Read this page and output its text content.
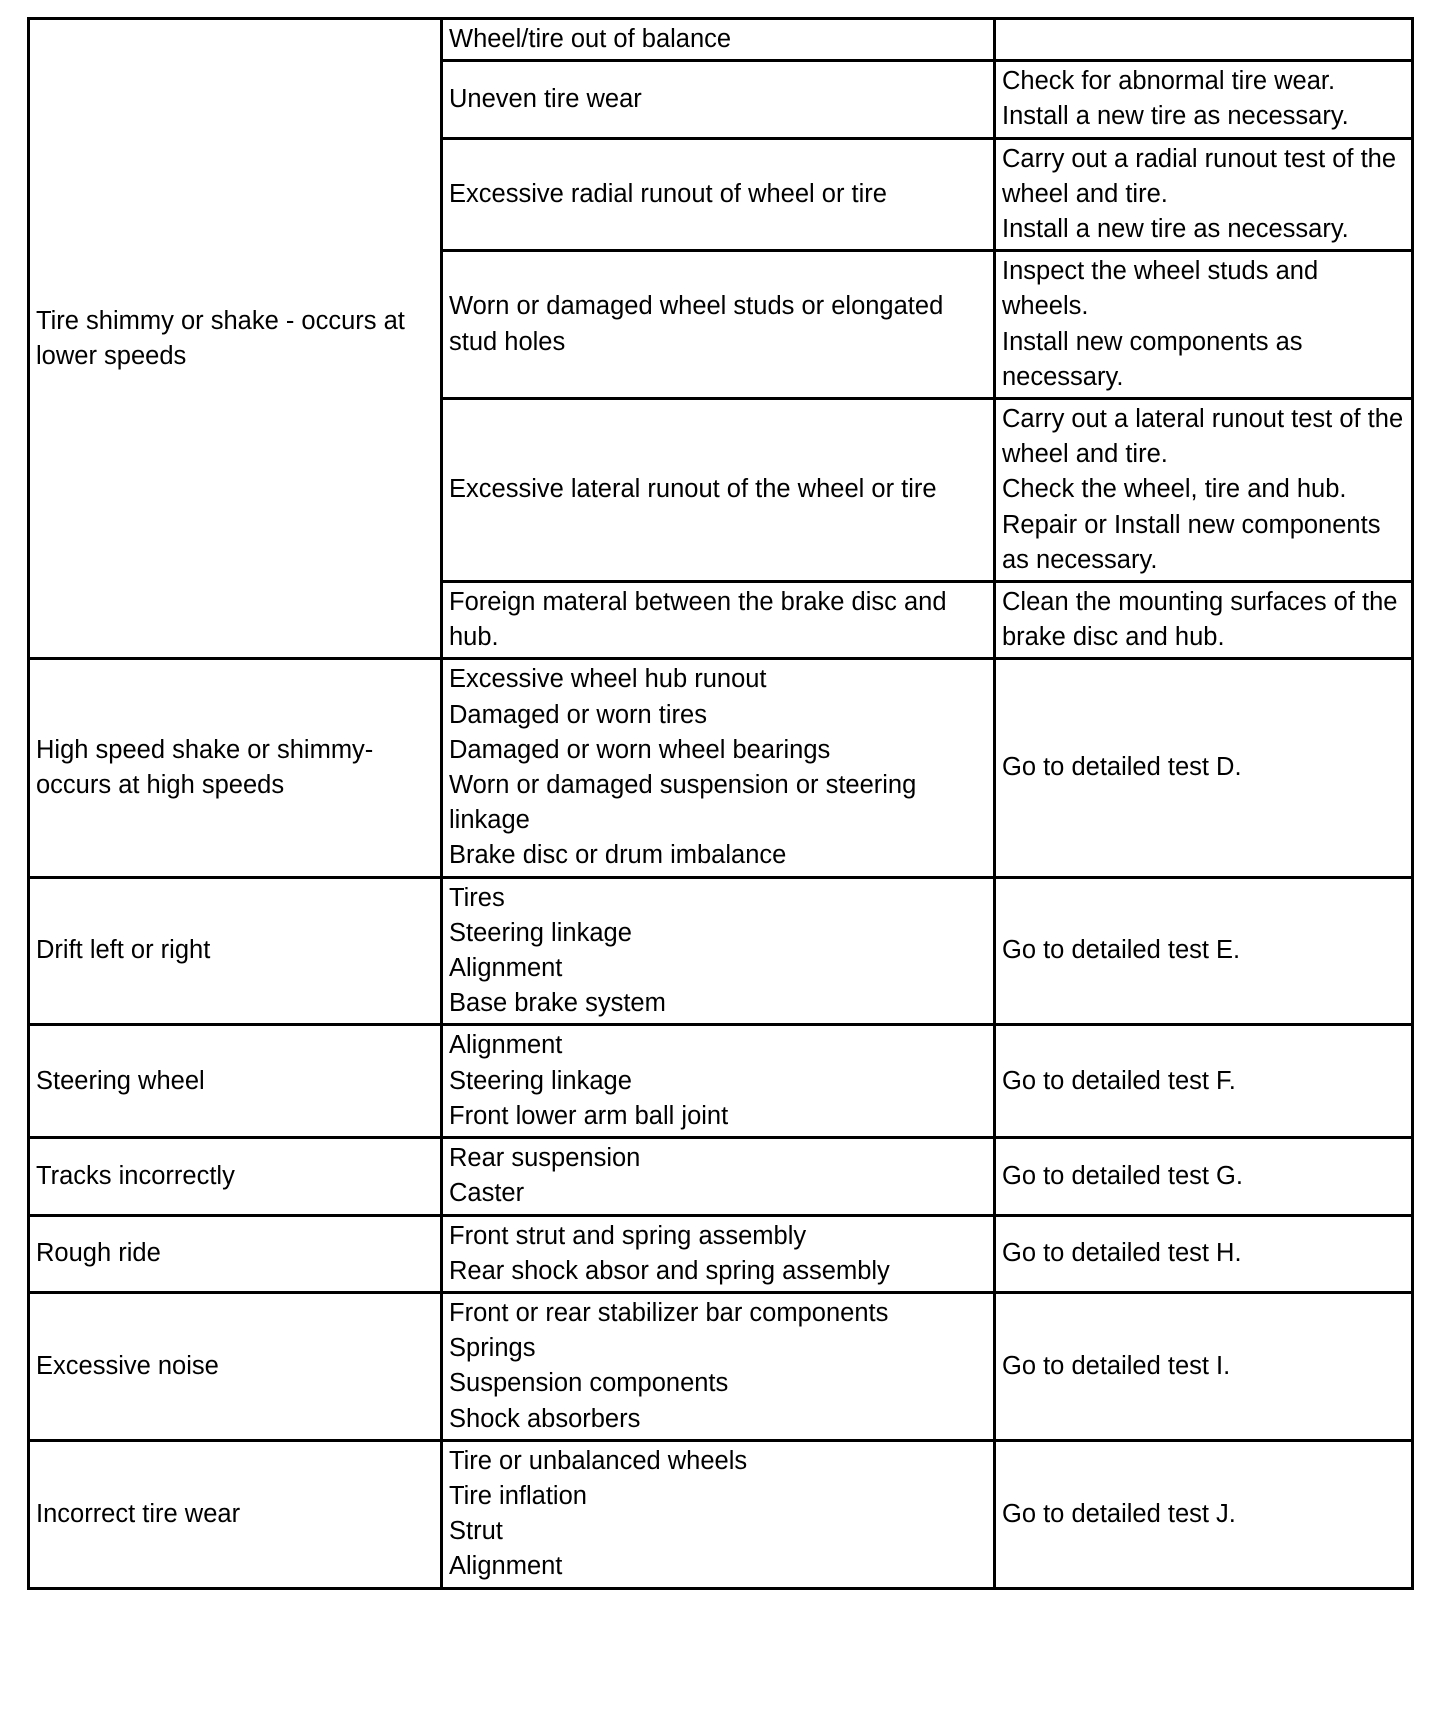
Tire shimmy or shake - occurs at lower speeds	Wheel/tire out of balance	

	Uneven tire wear	Check for abnormal tire wear.
Install a new tire as necessary.

	Excessive radial runout of wheel or tire	Carry out a radial runout test of the wheel and tire.
Install a new tire as necessary.

	Worn or damaged wheel studs or elongated stud holes	Inspect the wheel studs and wheels.
Install new components as necessary.

	Excessive lateral runout of the wheel or tire	Carry out a lateral runout test of the wheel and tire.
Check the wheel, tire and hub.
Repair or Install new components as necessary.

	Foreign materal between the brake disc and hub.	Clean the mounting surfaces of the brake disc and hub.

High speed shake or shimmy-occurs at high speeds	Excessive wheel hub runout
Damaged or worn tires
Damaged or worn wheel bearings
Worn or damaged suspension or steering linkage
Brake disc or drum imbalance	Go to detailed test D.

Drift left or right	Tires
Steering linkage
Alignment
Base brake system	Go to detailed test E.

Steering wheel	Alignment
Steering linkage
Front lower arm ball joint	Go to detailed test F.

Tracks incorrectly	Rear suspension
Caster	Go to detailed test G.

Rough ride	Front strut and spring assembly
Rear shock absor and spring assembly	Go to detailed test H.

Excessive noise	Front or rear stabilizer bar components
Springs
Suspension components
Shock absorbers	Go to detailed test I.

Incorrect tire wear	Tire or unbalanced wheels
Tire inflation
Strut
Alignment	Go to detailed test J.
